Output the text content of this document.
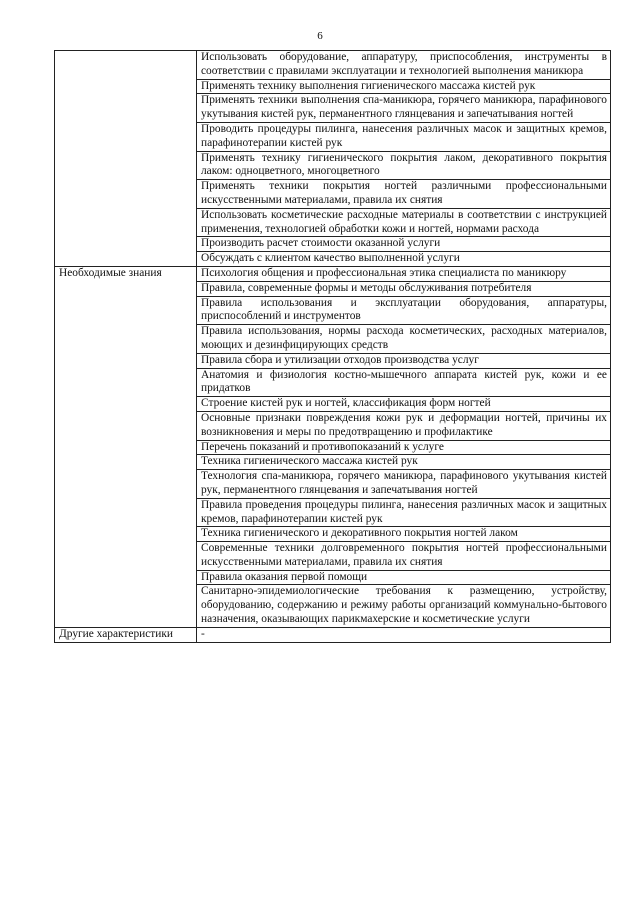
6
	Использовать оборудование, аппаратуру, приспособления, инструменты в соответствии с правилами эксплуатации и технологией выполнения маникюра
	Применять технику выполнения гигиенического массажа кистей рук
	Применять техники выполнения спа-маникюра, горячего маникюра, парафинового укутывания кистей рук, перманентного глянцевания и запечатывания ногтей
	Проводить процедуры пилинга, нанесения различных масок и защитных кремов, парафинотерапии кистей рук
	Применять технику гигиенического покрытия лаком, декоративного покрытия лаком: одноцветного, многоцветного
	Применять техники покрытия ногтей различными профессиональными искусственными материалами, правила их снятия
	Использовать косметические расходные материалы в соответствии с инструкцией применения, технологией обработки кожи и ногтей, нормами расхода
	Производить расчет стоимости оказанной услуги
	Обсуждать с клиентом качество выполненной услуги
Необходимые знания	Психология общения и профессиональная этика специалиста по маникюру
	Правила, современные формы и методы обслуживания потребителя
	Правила использования и эксплуатации оборудования, аппаратуры, приспособлений и инструментов
	Правила использования, нормы расхода косметических, расходных материалов, моющих и дезинфицирующих средств
	Правила сбора и утилизации отходов производства услуг
	Анатомия и физиология костно-мышечного аппарата кистей рук, кожи и ее придатков
	Строение кистей рук и ногтей, классификация форм ногтей
	Основные признаки повреждения кожи рук и деформации ногтей, причины их возникновения и меры по предотвращению и профилактике
	Перечень показаний и противопоказаний к услуге
	Техника гигиенического массажа кистей рук
	Технология спа-маникюра, горячего маникюра, парафинового укутывания кистей рук, перманентного глянцевания и запечатывания ногтей
	Правила проведения процедуры пилинга, нанесения различных масок и защитных кремов, парафинотерапии кистей рук
	Техника гигиенического и декоративного покрытия ногтей лаком
	Современные техники долговременного покрытия ногтей профессиональными искусственными материалами, правила их снятия
	Правила оказания первой помощи
	Санитарно-эпидемиологические требования к размещению, устройству, оборудованию, содержанию и режиму работы организаций коммунально-бытового назначения, оказывающих парикмахерские и косметические услуги
Другие характеристики	-
